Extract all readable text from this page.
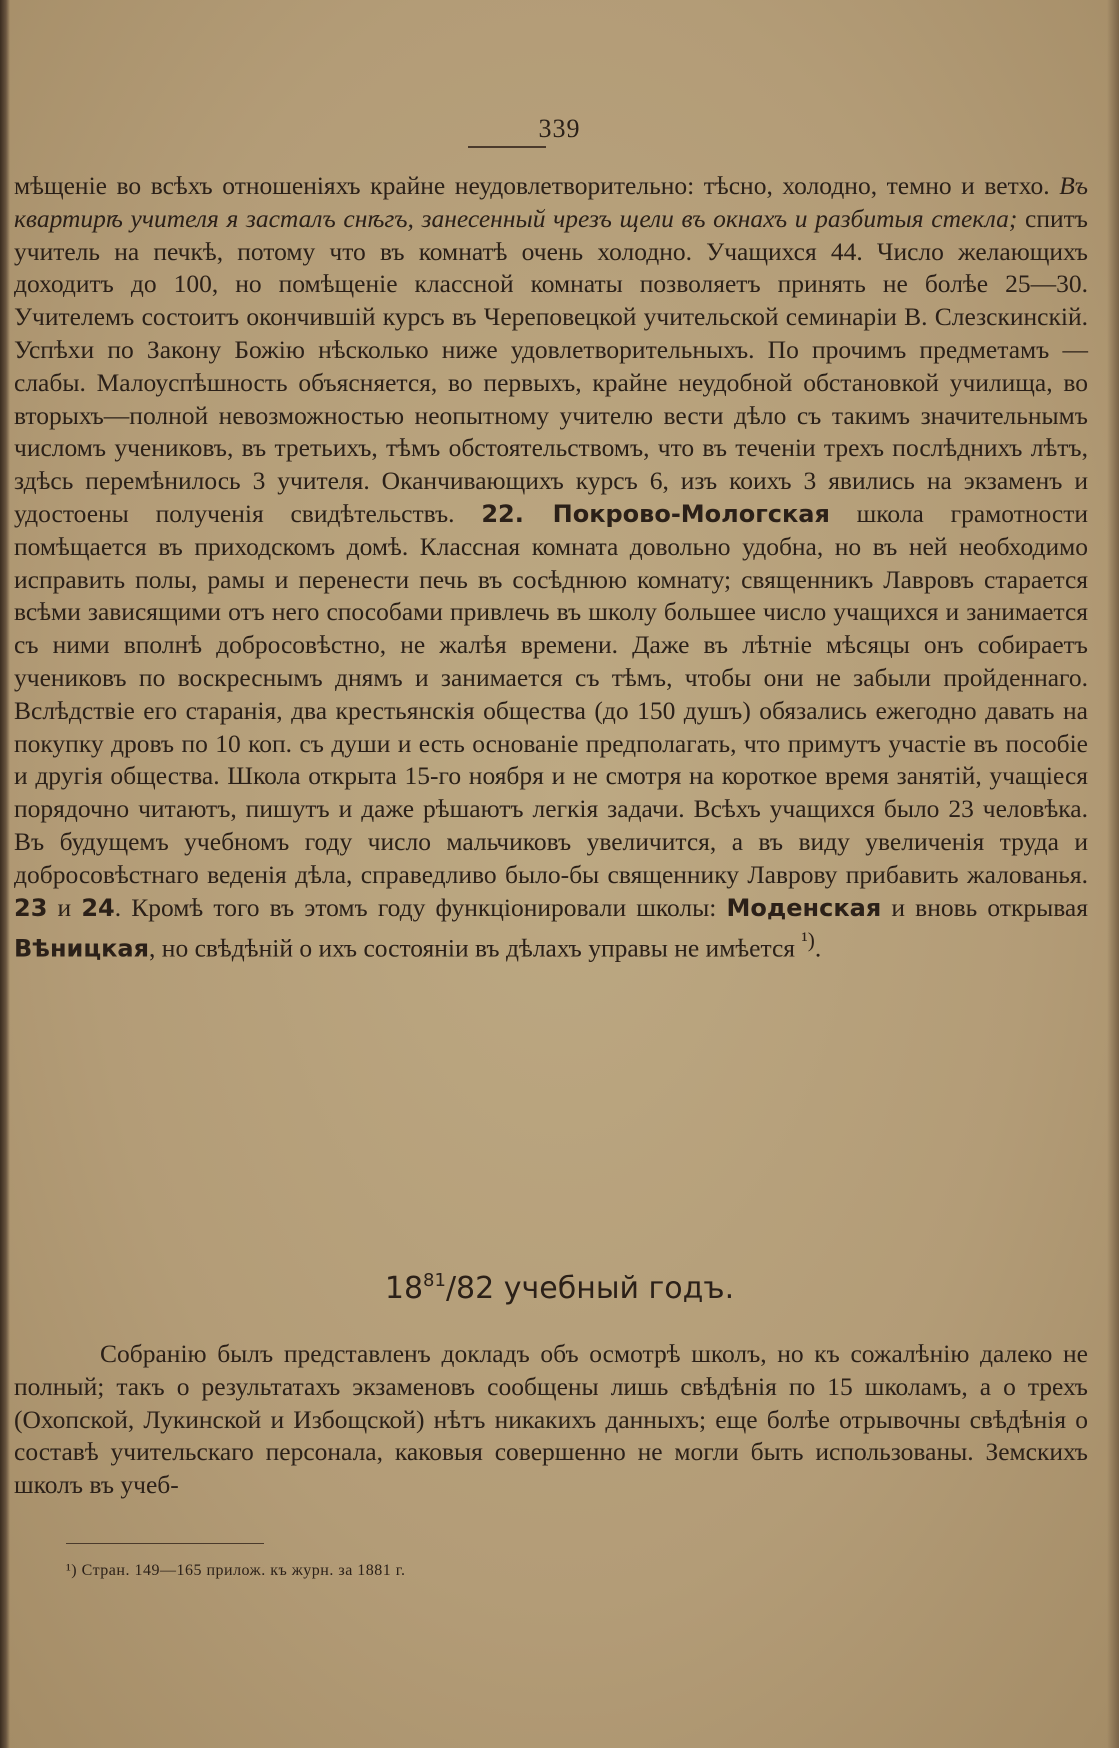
339

мѣщеніе во всѣхъ отношеніяхъ крайне неудовлетворительно: тѣсно, холодно, темно и ветхо. Въ квартирѣ учителя я засталъ снѣгъ, занесенный чрезъ щели въ окнахъ и разбитыя стекла; спитъ учитель на печкѣ, потому что въ комнатѣ очень холодно. Учащихся 44. Число желающихъ доходитъ до 100, но помѣщеніе классной комнаты позволяетъ принять не болѣе 25—30. Учителемъ состоитъ окончившій курсъ въ Череповецкой учительской семинаріи В. Слезскинскій. Успѣхи по Закону Божію нѣсколько ниже удовлетворительныхъ. По прочимъ предметамъ — слабы. Малоуспѣшность объясняется, во первыхъ, крайне неудобной обстановкой училища, во вторыхъ—полной невозможностью неопытному учителю вести дѣло съ такимъ значительнымъ числомъ учениковъ, въ третьихъ, тѣмъ обстоятельствомъ, что въ теченіи трехъ послѣднихъ лѣтъ, здѣсь перемѣнилось 3 учителя. Оканчивающихъ курсъ 6, изъ коихъ 3 явились на экзаменъ и удостоены полученія свидѣтельствъ. 22. Покрово-Мологская школа грамотности помѣщается въ приходскомъ домѣ. Классная комната довольно удобна, но въ ней необходимо исправить полы, рамы и перенести печь въ сосѣднюю комнату; священникъ Лавровъ старается всѣми зависящими отъ него способами привлечь въ школу большее число учащихся и занимается съ ними вполнѣ добросовѣстно, не жалѣя времени. Даже въ лѣтніе мѣсяцы онъ собираетъ учениковъ по воскреснымъ днямъ и занимается съ тѣмъ, чтобы они не забыли пройденнаго. Вслѣдствіе его старанія, два крестьянскія общества (до 150 душъ) обязались ежегодно давать на покупку дровъ по 10 коп. съ души и есть основаніе предполагать, что примутъ участіе въ пособіе и другія общества. Школа открыта 15-го ноября и не смотря на короткое время занятій, учащіеся порядочно читаютъ, пишутъ и даже рѣшаютъ легкія задачи. Всѣхъ учащихся было 23 человѣка. Въ будущемъ учебномъ году число мальчиковъ увеличится, а въ виду увеличенія труда и добросовѣстнаго веденія дѣла, справедливо было-бы священнику Лаврову прибавить жалованья. 23 и 24. Кромѣ того въ этомъ году функціонировали школы: Моденская и вновь открывая Вѣницкая, но свѣдѣній о ихъ состояніи въ дѣлахъ управы не имѣется $^{^1)}$.

$18^{81}/82$ учебный годъ.

Собранію былъ представленъ докладъ объ осмотрѣ школъ, но къ сожалѣнію далеко не полный; такъ о результатахъ экзаменовъ сообщены лишь свѣдѣнія по 15 школамъ, а о трехъ (Охопской, Лукинской и Избощской) нѣтъ никакихъ данныхъ; еще болѣе отрывочны свѣдѣнія о составѣ учительскаго персонала, каковыя совершенно не могли быть использованы. Земскихъ школъ въ учеб-

¹) Стран. 149—165 прилож. къ журн. за 1881 г.
